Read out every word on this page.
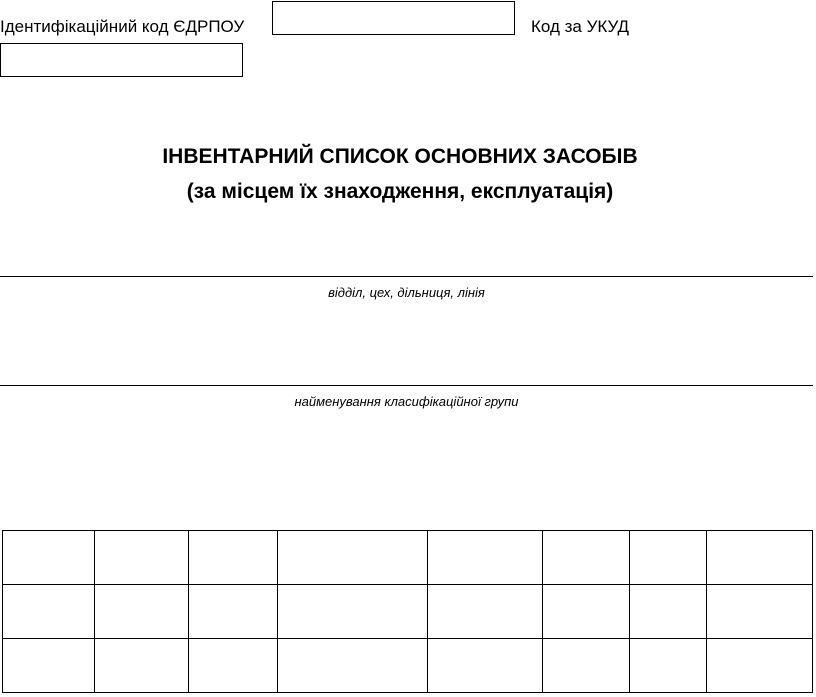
Ідентифікаційний код ЄДРПОУ	Код за УКУД
ІНВЕНТАРНИЙ СПИСОК ОСНОВНИХ ЗАСОБІВ
(за місцем їх знаходження, експлуатація)
відділ, цех, дільниця, лінія
найменування класифікаційної групи
